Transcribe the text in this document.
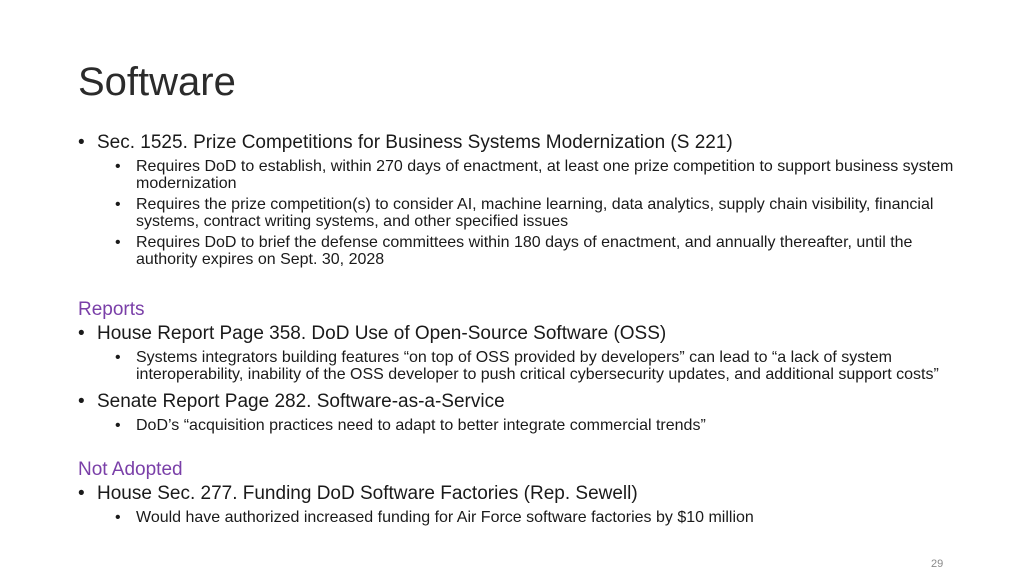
Software
• Sec. 1525. Prize Competitions for Business Systems Modernization (S 221)
• Requires DoD to establish, within 270 days of enactment, at least one prize competition to support business system modernization
• Requires the prize competition(s) to consider AI, machine learning, data analytics, supply chain visibility, financial systems, contract writing systems, and other specified issues
• Requires DoD to brief the defense committees within 180 days of enactment, and annually thereafter, until the authority expires on Sept. 30, 2028
Reports
• House Report Page 358. DoD Use of Open-Source Software (OSS)
• Systems integrators building features “on top of OSS provided by developers” can lead to “a lack of system interoperability, inability of the OSS developer to push critical cybersecurity updates, and additional support costs”
• Senate Report Page 282. Software-as-a-Service
• DoD’s “acquisition practices need to adapt to better integrate commercial trends”
Not Adopted
• House Sec. 277. Funding DoD Software Factories (Rep. Sewell)
• Would have authorized increased funding for Air Force software factories by $10 million
29
